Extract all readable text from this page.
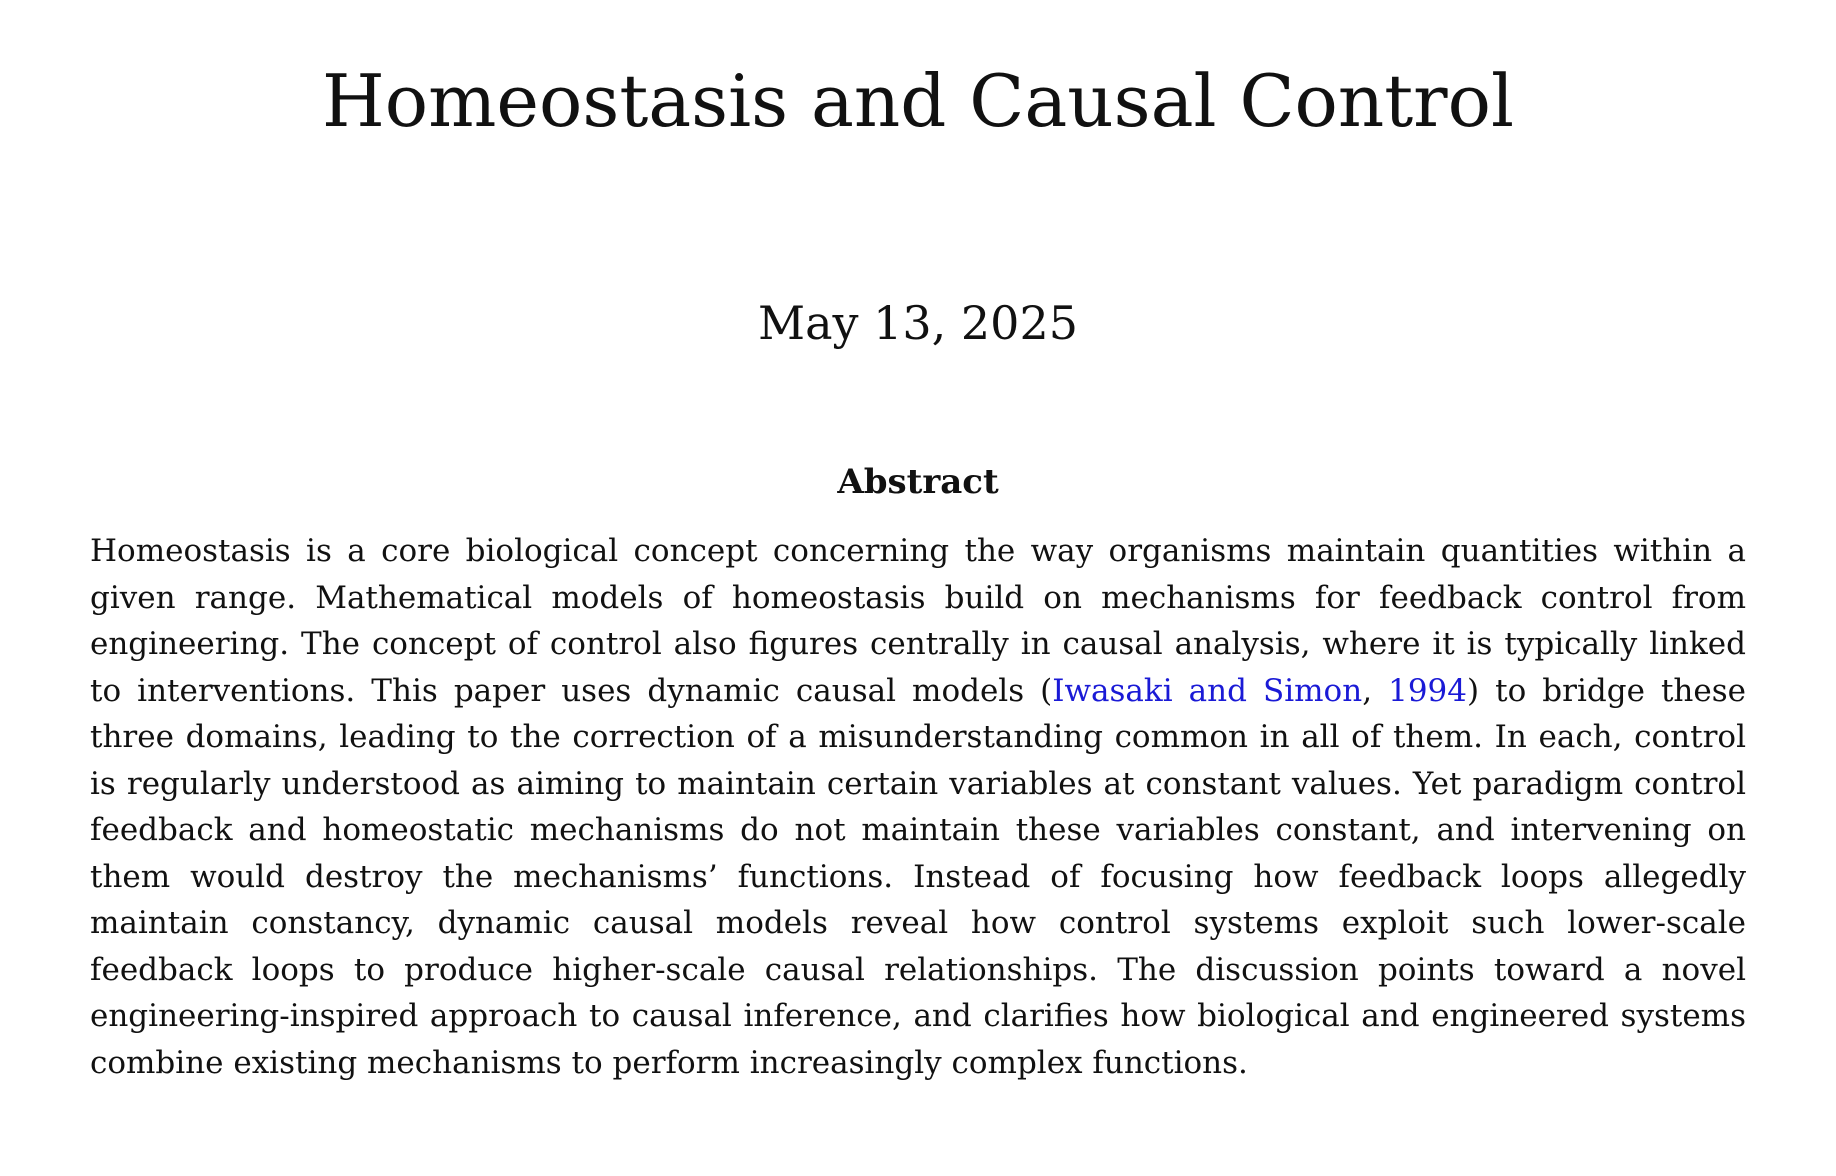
Homeostasis and Causal Control
May 13, 2025
Abstract

Homeostasis is a core biological concept concerning the way organisms maintain quantities within a given range. Mathematical models of homeostasis build on mechanisms for feedback control from engineering. The concept of control also figures centrally in causal analysis, where it is typically linked to interventions. This paper uses dynamic causal models (Iwasaki and Simon, 1994) to bridge these three domains, leading to the correction of a misunderstanding common in all of them. In each, control is regularly understood as aiming to maintain certain variables at constant values. Yet paradigm control feedback and homeostatic mechanisms do not maintain these variables constant, and intervening on them would destroy the mechanisms’ functions. Instead of focusing how feedback loops allegedly maintain constancy, dynamic causal models reveal how control systems exploit such lower-scale feedback loops to produce higher-scale causal relationships. The discussion points toward a novel engineering-inspired approach to causal inference, and clarifies how biological and engineered systems combine existing mechanisms to perform increasingly complex functions.
